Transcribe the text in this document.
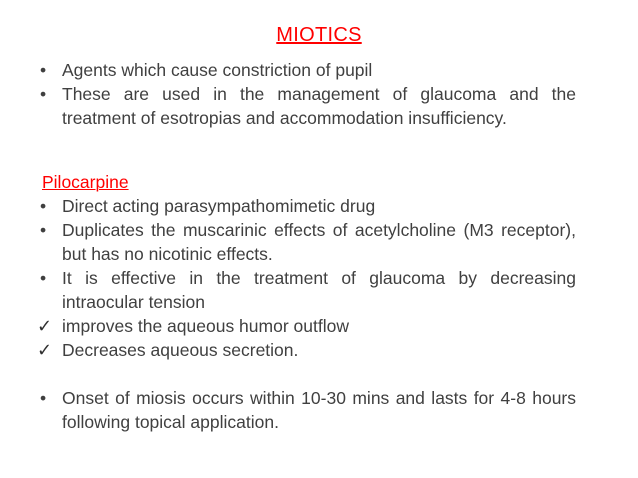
MIOTICS
• Agents which cause constriction of pupil
• These are used in the management of glaucoma and the treatment of esotropias and accommodation insufficiency.
Pilocarpine
• Direct acting parasympathomimetic drug
• Duplicates the muscarinic effects of acetylcholine (M3 receptor), but has no nicotinic effects.
• It is effective in the treatment of glaucoma by decreasing intraocular tension
✓ improves the aqueous humor outflow
✓ Decreases aqueous secretion.
• Onset of miosis occurs within 10-30 mins and lasts for 4-8 hours following topical application.
